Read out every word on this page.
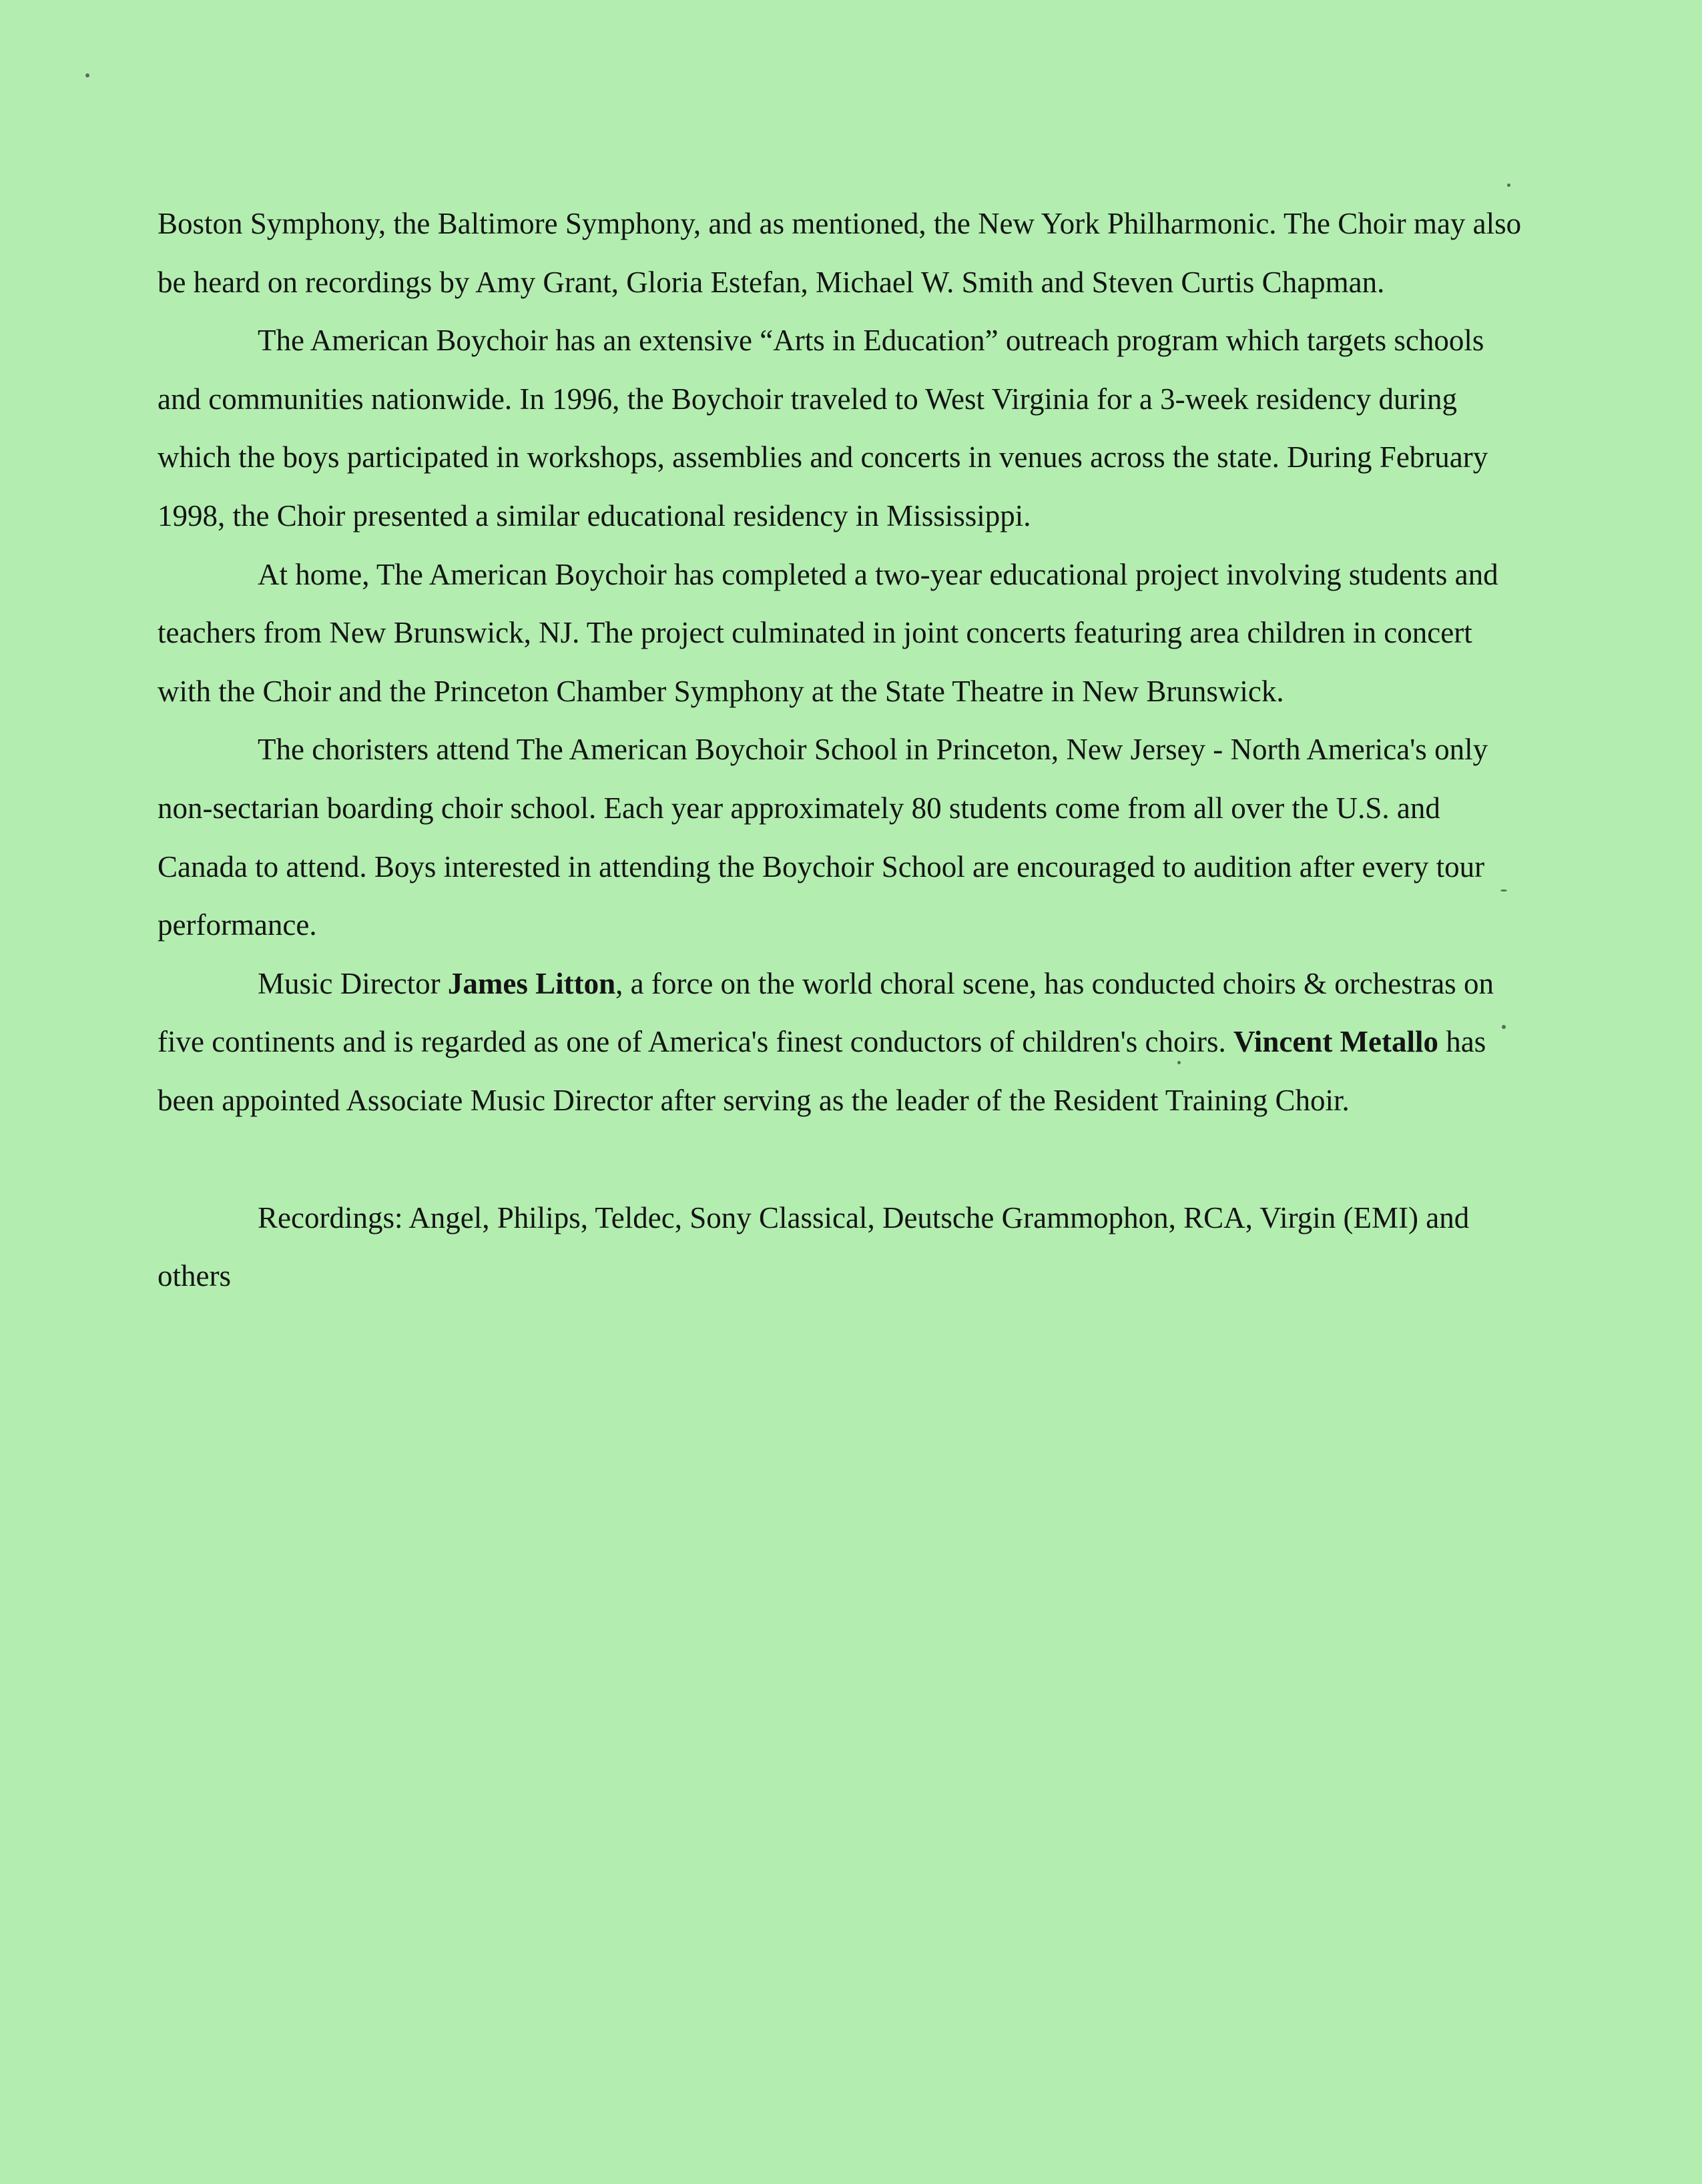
Boston Symphony, the Baltimore Symphony, and as mentioned, the New York Philharmonic. The Choir may also be heard on recordings by Amy Grant, Gloria Estefan, Michael W. Smith and Steven Curtis Chapman.

The American Boychoir has an extensive “Arts in Education” outreach program which targets schools and communities nationwide. In 1996, the Boychoir traveled to West Virginia for a 3-week residency during which the boys participated in workshops, assemblies and concerts in venues across the state. During February 1998, the Choir presented a similar educational residency in Mississippi.

At home, The American Boychoir has completed a two-year educational project involving students and teachers from New Brunswick, NJ. The project culminated in joint concerts featuring area children in concert with the Choir and the Princeton Chamber Symphony at the State Theatre in New Brunswick.

The choristers attend The American Boychoir School in Princeton, New Jersey - North America's only non-sectarian boarding choir school. Each year approximately 80 students come from all over the U.S. and Canada to attend. Boys interested in attending the Boychoir School are encouraged to audition after every tour performance.

Music Director James Litton, a force on the world choral scene, has conducted choirs & orchestras on five continents and is regarded as one of America's finest conductors of children's choirs. Vincent Metallo has been appointed Associate Music Director after serving as the leader of the Resident Training Choir.

Recordings: Angel, Philips, Teldec, Sony Classical, Deutsche Grammophon, RCA, Virgin (EMI) and others
